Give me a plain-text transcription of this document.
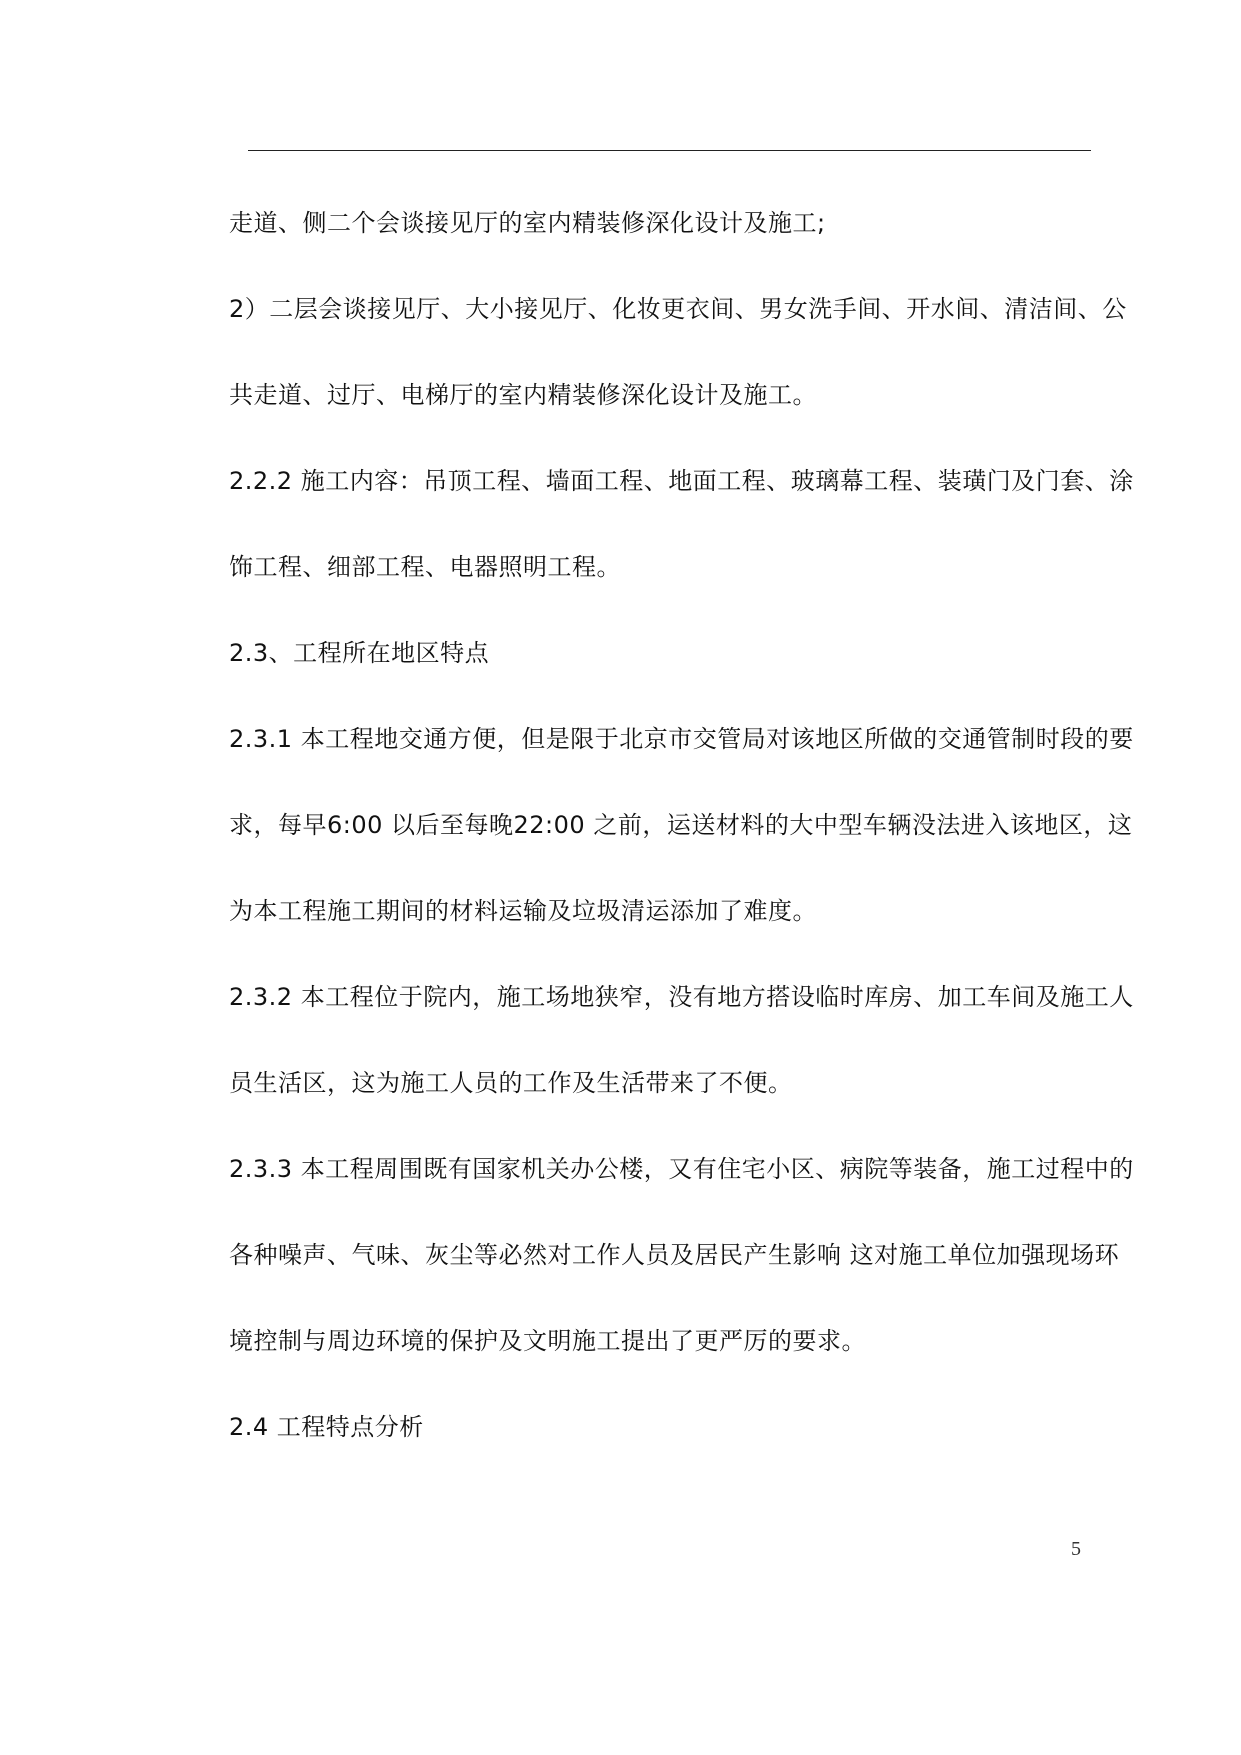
走道、侧二个会谈接见厅的室内精装修深化设计及施工;
2）二层会谈接见厅、大小接见厅、化妆更衣间、男女洗手间、开水间、清洁间、公
共走道、过厅、电梯厅的室内精装修深化设计及施工。
2.2.2 施工内容：吊顶工程、墙面工程、地面工程、玻璃幕工程、装璜门及门套、涂
饰工程、细部工程、电器照明工程。
2.3、工程所在地区特点
2.3.1 本工程地交通方便，但是限于北京市交管局对该地区所做的交通管制时段的要
求，每早6:00 以后至每晚22:00 之前，运送材料的大中型车辆没法进入该地区，这
为本工程施工期间的材料运输及垃圾清运添加了难度。
2.3.2 本工程位于院内，施工场地狭窄，没有地方搭设临时库房、加工车间及施工人
员生活区，这为施工人员的工作及生活带来了不便。
2.3.3 本工程周围既有国家机关办公楼，又有住宅小区、病院等装备，施工过程中的
各种噪声、气味、灰尘等必然对工作人员及居民产生影响 这对施工单位加强现场环
境控制与周边环境的保护及文明施工提出了更严厉的要求。
2.4 工程特点分析
5
